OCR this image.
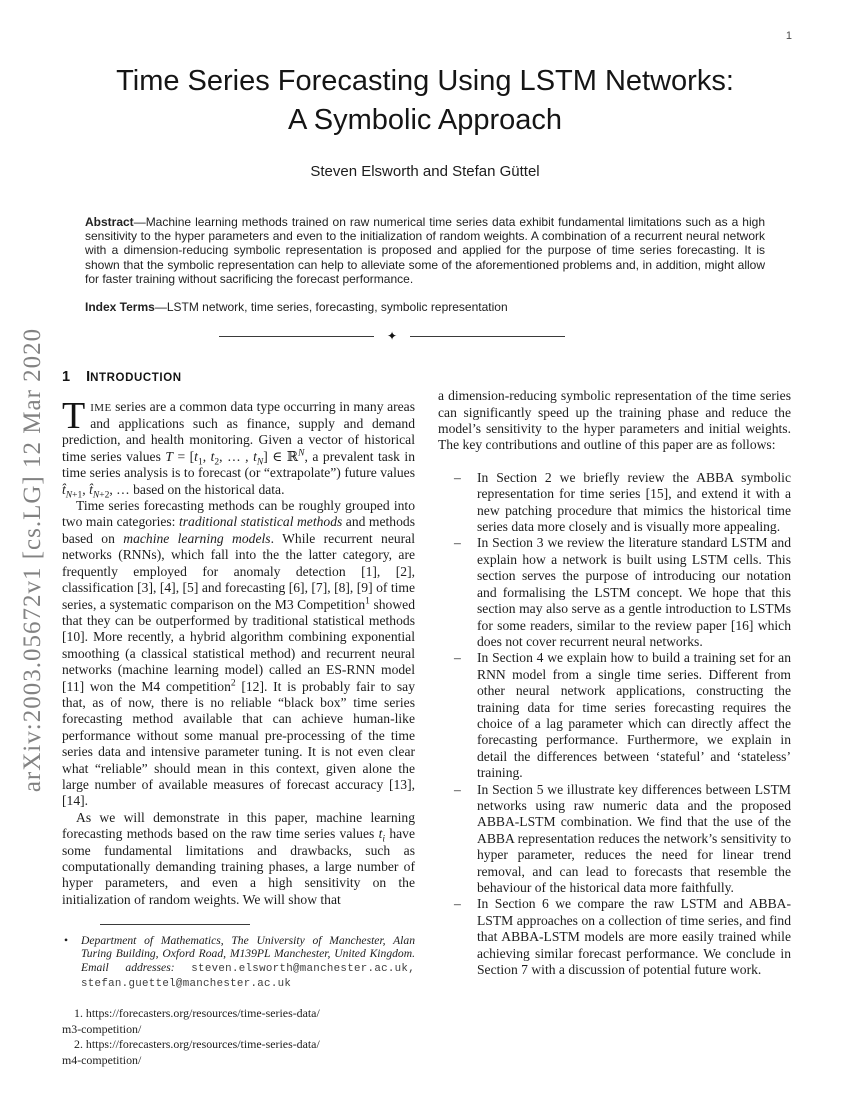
1
arXiv:2003.05672v1 [cs.LG] 12 Mar 2020
Time Series Forecasting Using LSTM Networks:
A Symbolic Approach
Steven Elsworth and Stefan Güttel
Abstract—Machine learning methods trained on raw numerical time series data exhibit fundamental limitations such as a high sensitivity to the hyper parameters and even to the initialization of random weights. A combination of a recurrent neural network with a dimension-reducing symbolic representation is proposed and applied for the purpose of time series forecasting. It is shown that the symbolic representation can help to alleviate some of the aforementioned problems and, in addition, might allow for faster training without sacrificing the forecast performance.
Index Terms—LSTM network, time series, forecasting, symbolic representation
✦
1 INTRODUCTION

TIME series are a common data type occurring in many areas and applications such as finance, supply and demand prediction, and health monitoring. Given a vector of historical time series values $T = [t_1$, $t_2$, … , $t_N$] ∈ ℝ$^N$, a prevalent task in time series analysis is to forecast (or “extrapolate”) future values $t̂_{N+1}$, $t̂_{N+2}$, … based on the historical data.

Time series forecasting methods can be roughly grouped into two main categories: traditional statistical methods and methods based on machine learning models. While recurrent neural networks (RNNs), which fall into the the latter category, are frequently employed for anomaly detection [1], [2], classification [3], [4], [5] and forecasting [6], [7], [8], [9] of time series, a systematic comparison on the M3 Competition$^1$ showed that they can be outperformed by traditional statistical methods [10]. More recently, a hybrid algorithm combining exponential smoothing (a classical statistical method) and recurrent neural networks (machine learning model) called an ES-RNN model [11] won the M4 competition$^2$ [12]. It is probably fair to say that, as of now, there is no reliable “black box” time series forecasting method available that can achieve human-like performance without some manual pre-processing of the time series data and intensive parameter tuning. It is not even clear what “reliable” should mean in this context, given alone the large number of available measures of forecast accuracy [13], [14].

As we will demonstrate in this paper, machine learning forecasting methods based on the raw time series values $t_i$ have some fundamental limitations and drawbacks, such as computationally demanding training phases, a large number of hyper parameters, and even a high sensitivity on the initialization of random weights. We will show that

•	Department of Mathematics, The University of Manchester, Alan Turing Building, Oxford Road, M139PL Manchester, United Kingdom. Email addresses: steven.elsworth@manchester.ac.uk, stefan.guettel@manchester.ac.uk
1. https://forecasters.org/resources/time-series-data/
m3-competition/
2. https://forecasters.org/resources/time-series-data/
m4-competition/

a dimension-reducing symbolic representation of the time series can significantly speed up the training phase and reduce the model’s sensitivity to the hyper parameters and initial weights. The key contributions and outline of this paper are as follows:

–	In Section 2 we briefly review the ABBA symbolic representation for time series [15], and extend it with a new patching procedure that mimics the historical time series data more closely and is visually more appealing.
–	In Section 3 we review the literature standard LSTM and explain how a network is built using LSTM cells. This section serves the purpose of introducing our notation and formalising the LSTM concept. We hope that this section may also serve as a gentle introduction to LSTMs for some readers, similar to the review paper [16] which does not cover recurrent neural networks.
–	In Section 4 we explain how to build a training set for an RNN model from a single time series. Different from other neural network applications, constructing the training data for time series forecasting requires the choice of a lag parameter which can directly affect the forecasting performance. Furthermore, we explain in detail the differences between ‘stateful’ and ‘stateless’ training.
–	In Section 5 we illustrate key differences between LSTM networks using raw numeric data and the proposed ABBA-LSTM combination. We find that the use of the ABBA representation reduces the network’s sensitivity to hyper parameter, reduces the need for linear trend removal, and can lead to forecasts that resemble the behaviour of the historical data more faithfully.
–	In Section 6 we compare the raw LSTM and ABBA-LSTM approaches on a collection of time series, and find that ABBA-LSTM models are more easily trained while achieving similar forecast performance. We conclude in Section 7 with a discussion of potential future work.
